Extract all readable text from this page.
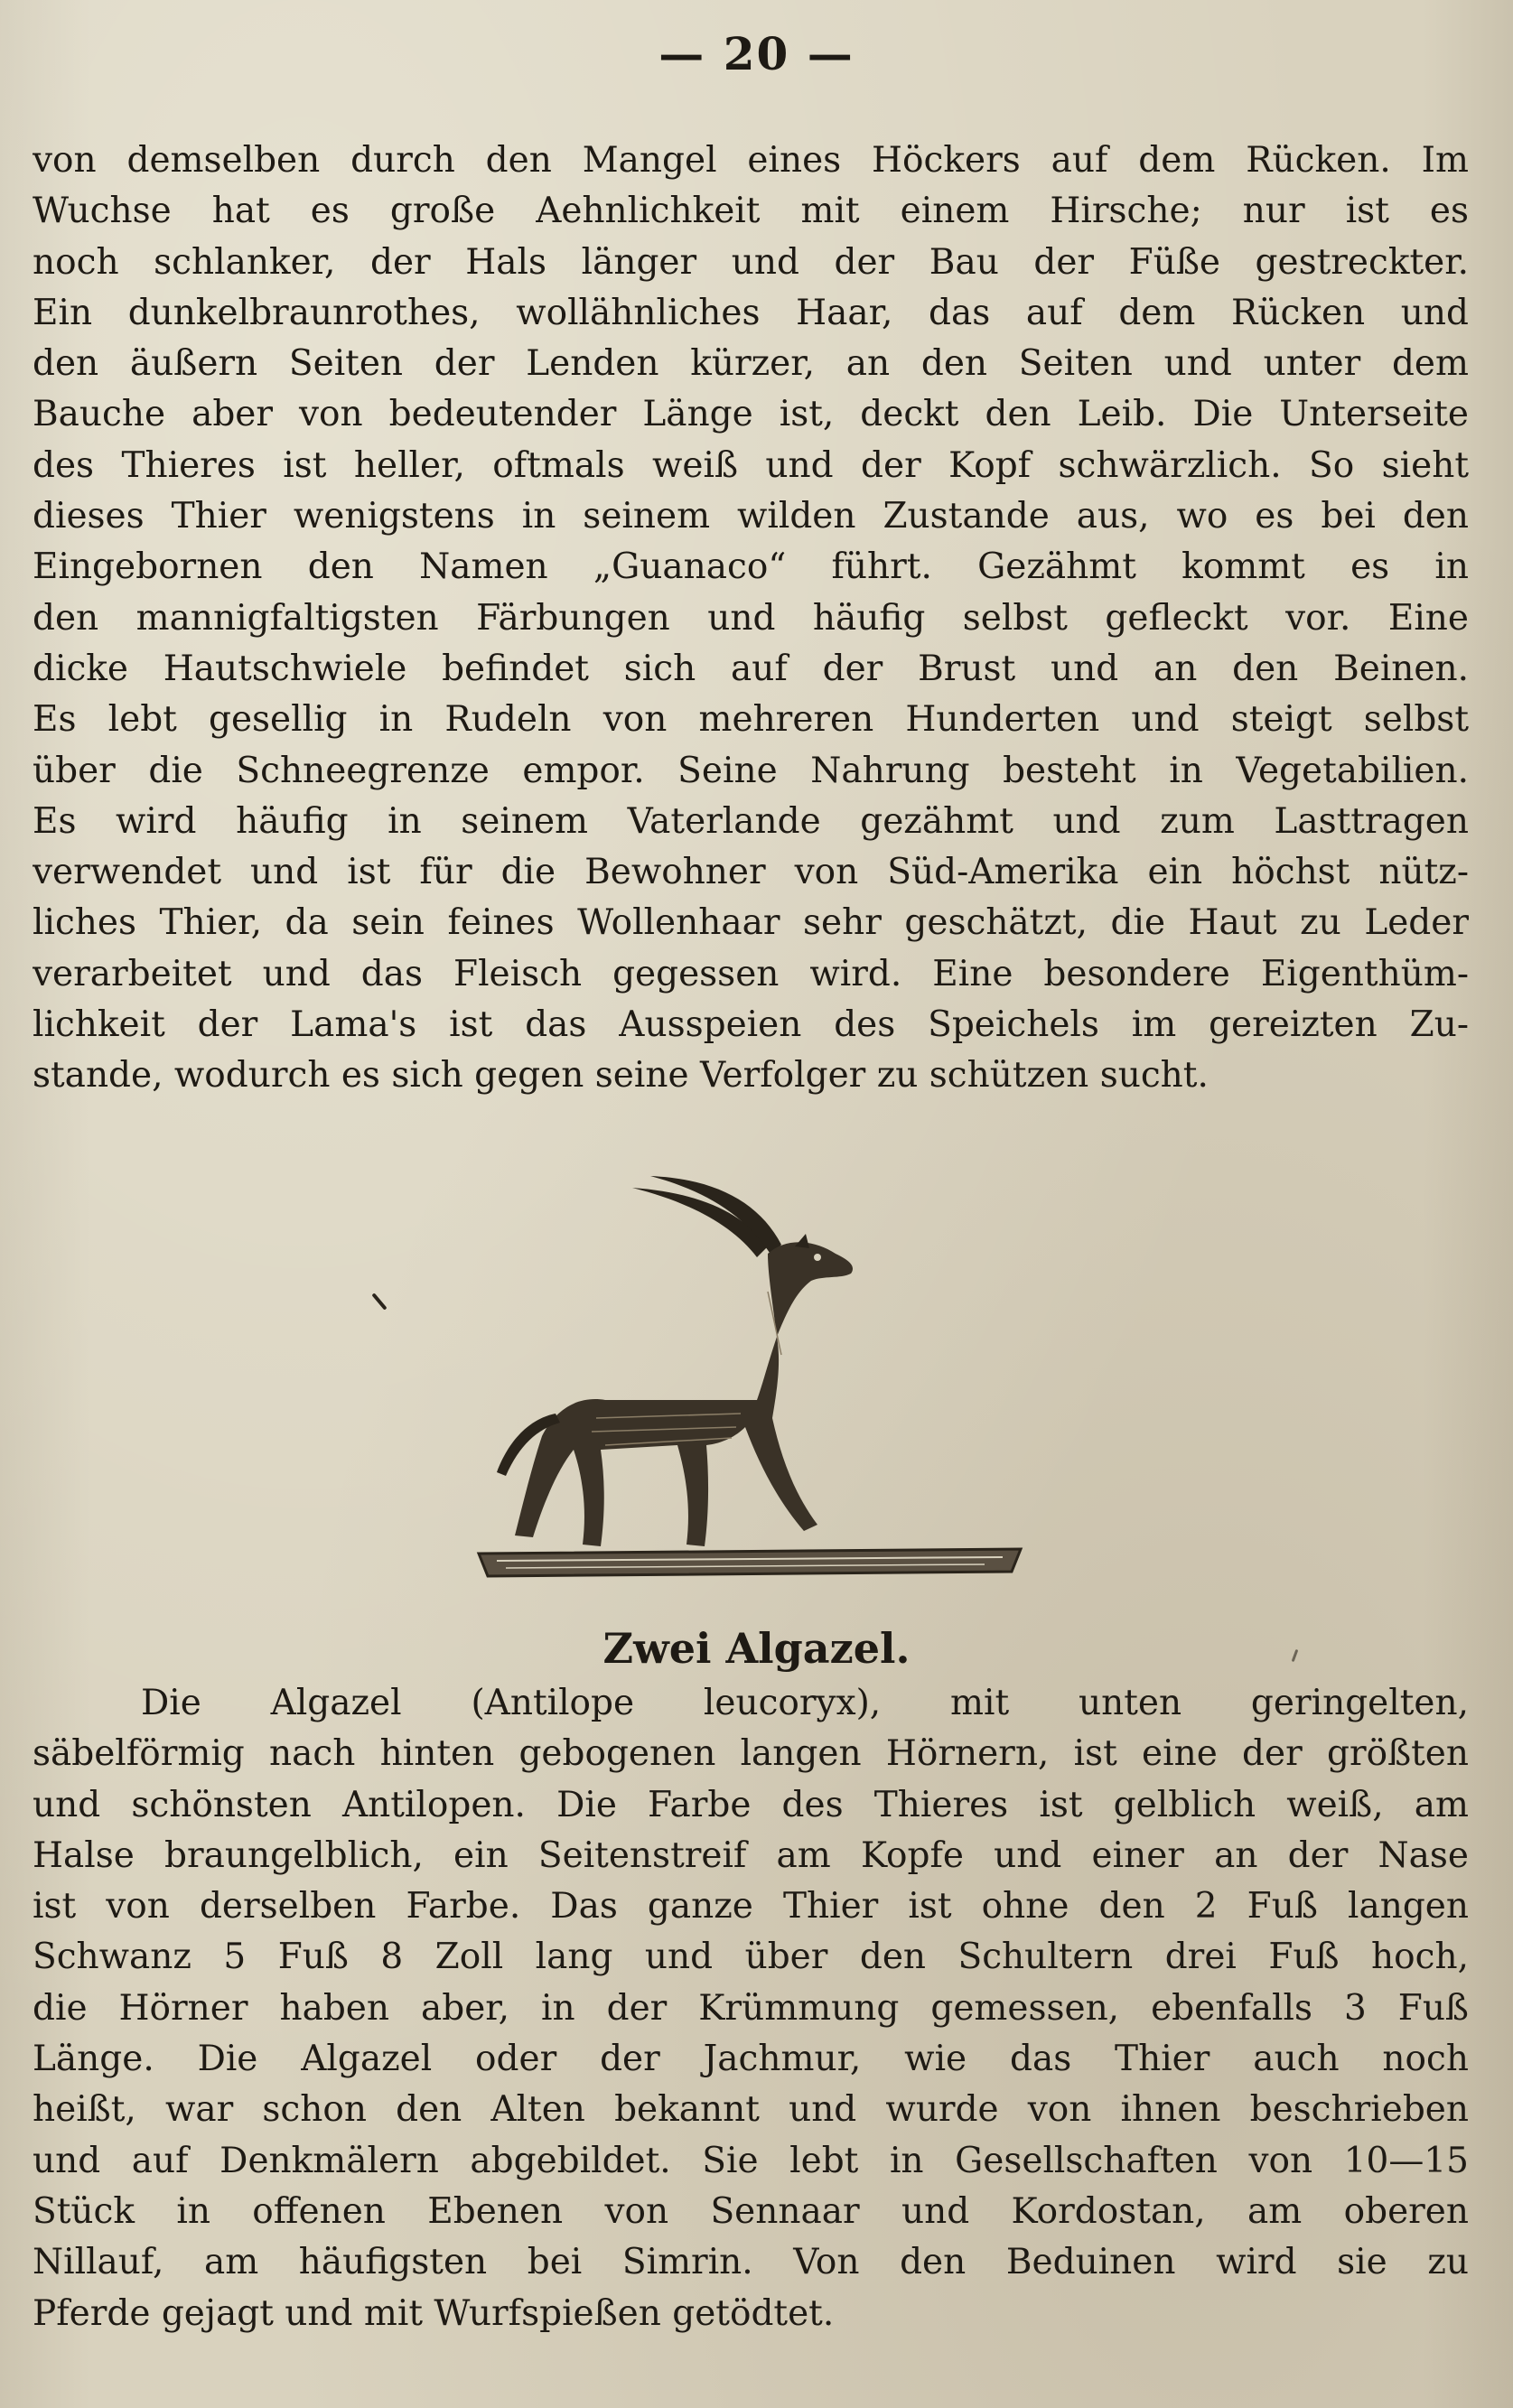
— 20 —
von demselben durch den Mangel eines Höckers auf dem Rücken. Im
Wuchse hat es große Aehnlichkeit mit einem Hirsche; nur ist es
noch schlanker, der Hals länger und der Bau der Füße gestreckter.
Ein dunkelbraunrothes, wollähnliches Haar, das auf dem Rücken und
den äußern Seiten der Lenden kürzer, an den Seiten und unter dem
Bauche aber von bedeutender Länge ist, deckt den Leib. Die Unterseite
des Thieres ist heller, oftmals weiß und der Kopf schwärzlich. So sieht
dieses Thier wenigstens in seinem wilden Zustande aus, wo es bei den
Eingebornen den Namen „Guanaco“ führt. Gezähmt kommt es in
den mannigfaltigsten Färbungen und häufig selbst gefleckt vor. Eine
dicke Hautschwiele befindet sich auf der Brust und an den Beinen.
Es lebt gesellig in Rudeln von mehreren Hunderten und steigt selbst
über die Schneegrenze empor. Seine Nahrung besteht in Vegetabilien.
Es wird häufig in seinem Vaterlande gezähmt und zum Lasttragen
verwendet und ist für die Bewohner von Süd-Amerika ein höchst nütz-
liches Thier, da sein feines Wollenhaar sehr geschätzt, die Haut zu Leder
verarbeitet und das Fleisch gegessen wird. Eine besondere Eigenthüm-
lichkeit der Lama's ist das Ausspeien des Speichels im gereizten Zu-
stande, wodurch es sich gegen seine Verfolger zu schützen sucht.
Zwei Algazel.
Die Algazel (Antilope leucoryx), mit unten geringelten,
säbelförmig nach hinten gebogenen langen Hörnern, ist eine der größten
und schönsten Antilopen. Die Farbe des Thieres ist gelblich weiß, am
Halse braungelblich, ein Seitenstreif am Kopfe und einer an der Nase
ist von derselben Farbe. Das ganze Thier ist ohne den 2 Fuß langen
Schwanz 5 Fuß 8 Zoll lang und über den Schultern drei Fuß hoch,
die Hörner haben aber, in der Krümmung gemessen, ebenfalls 3 Fuß
Länge. Die Algazel oder der Jachmur, wie das Thier auch noch
heißt, war schon den Alten bekannt und wurde von ihnen beschrieben
und auf Denkmälern abgebildet. Sie lebt in Gesellschaften von 10—15
Stück in offenen Ebenen von Sennaar und Kordostan, am oberen
Nillauf, am häufigsten bei Simrin. Von den Beduinen wird sie zu
Pferde gejagt und mit Wurfspießen getödtet.
